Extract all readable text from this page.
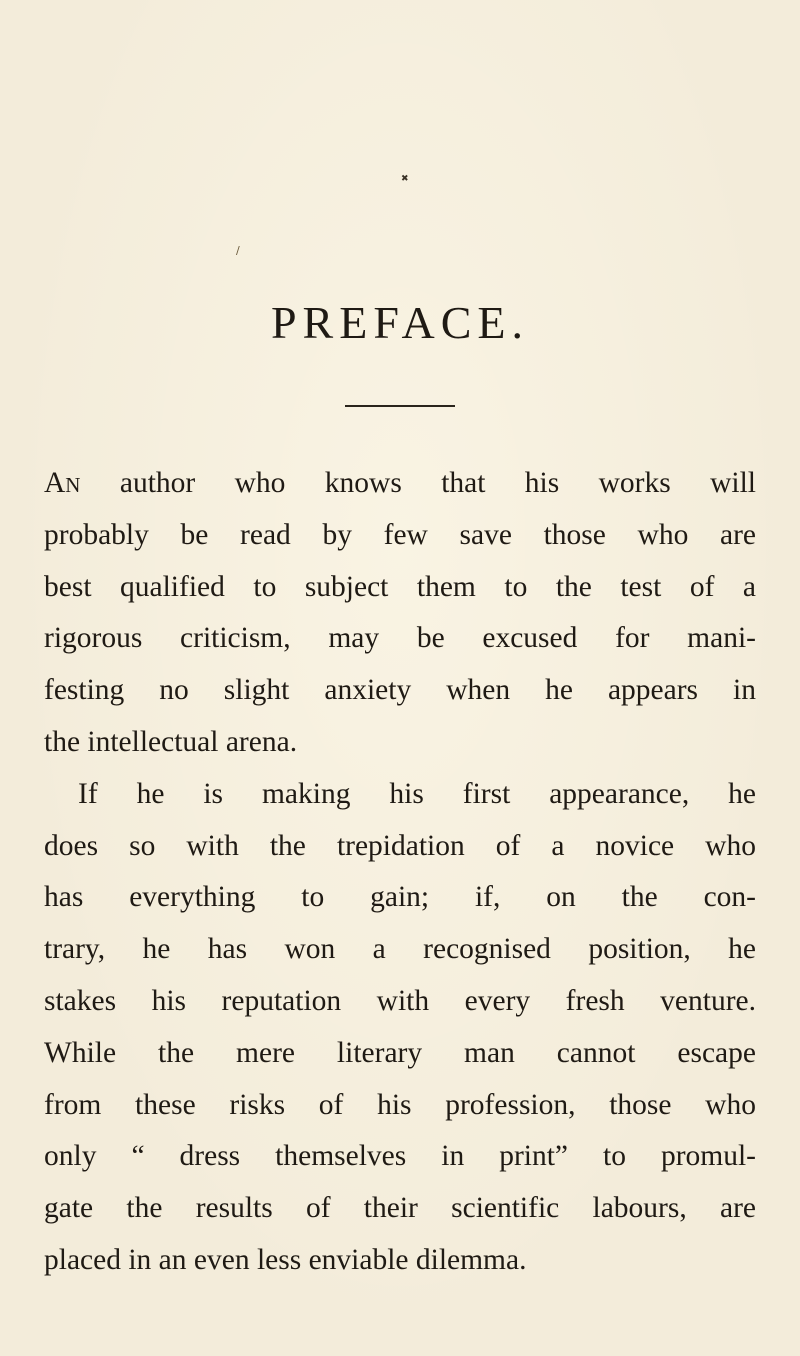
✖
∕
PREFACE.
An author who knows that his works will
probably be read by few save those who are
best qualified to subject them to the test of a
rigorous criticism, may be excused for mani-
festing no slight anxiety when he appears in
the intellectual arena.
If he is making his first appearance, he
does so with the trepidation of a novice who
has everything to gain; if, on the con-
trary, he has won a recognised position, he
stakes his reputation with every fresh venture.
While the mere literary man cannot escape
from these risks of his profession, those who
only “ dress themselves in print” to promul-
gate the results of their scientific labours, are
placed in an even less enviable dilemma.
